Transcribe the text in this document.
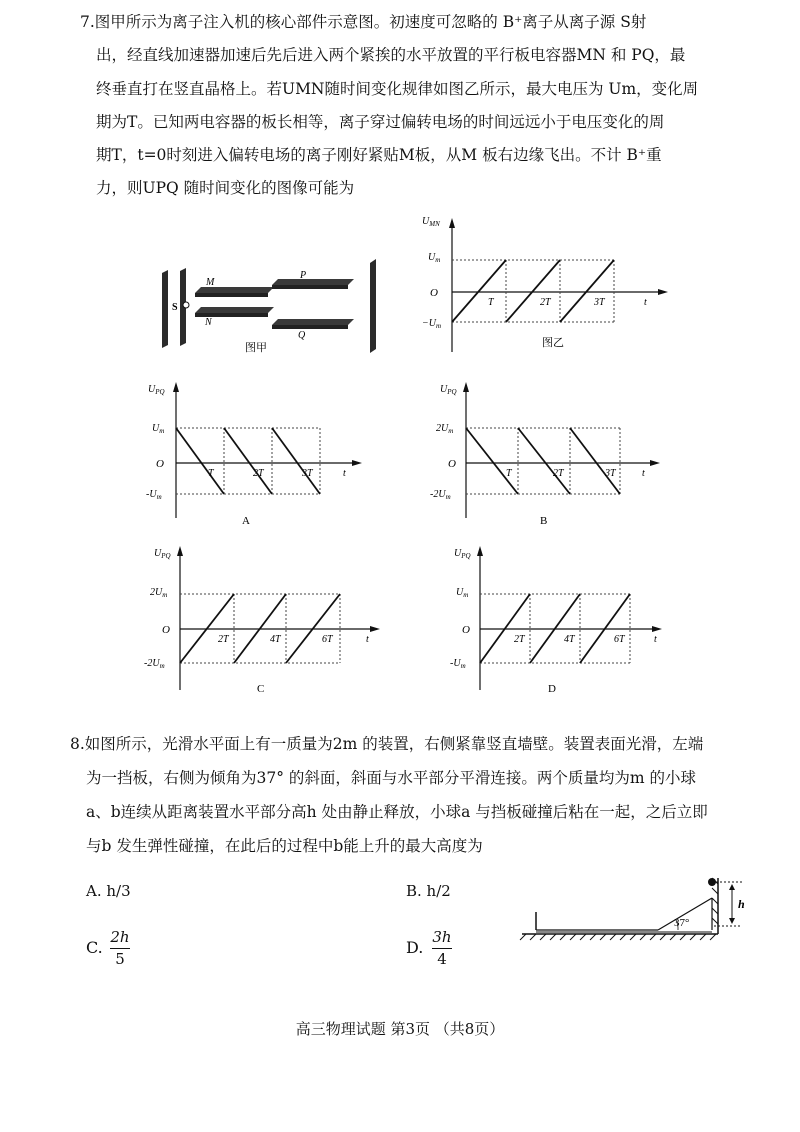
7.图甲所示为离子注入机的核心部件示意图。初速度可忽略的 B⁺离子从离子源 S射
出，经直线加速器加速后先后进入两个紧挨的水平放置的平行板电容器MN 和 PQ，最
终垂直打在竖直晶格上。若UMN随时间变化规律如图乙所示，最大电压为 Um，变化周
期为T。已知两电容器的板长相等，离子穿过偏转电场的时间远远小于电压变化的周
期T，t=0时刻进入偏转电场的离子刚好紧贴M板，从M 板右边缘飞出。不计 B⁺重
力，则UPQ 随时间变化的图像可能为
S
M
N
P
Q
图甲
$U_{MN}$
$U_m$
O
$-U_m$
T	2T	3T	t
图乙
$U_{PQ}$
$U_m$
O
$-U_m$
T	2T	3T	t
A
$U_{PQ}$
$2U_m$
O
$-2U_m$
T	2T	3T	t
B
$U_{PQ}$
$2U_m$
O
$-2U_m$
2T	4T	6T	t
C
$U_{PQ}$
$U_m$
O
$-U_m$
2T	4T	6T	t
D
8.如图所示，光滑水平面上有一质量为2m 的装置，右侧紧靠竖直墙壁。装置表面光滑，左端
为一挡板，右侧为倾角为37° 的斜面，斜面与水平部分平滑连接。两个质量均为m 的小球
a、b连续从距离装置水平部分高h 处由静止释放，小球a 与挡板碰撞后粘在一起，之后立即
与b 发生弹性碰撞，在此后的过程中b能上升的最大高度为
A. h/3	B. h/2
C.
2h
5
D.
3h
4
37°
h
高三物理试题 第3页 （共8页）
